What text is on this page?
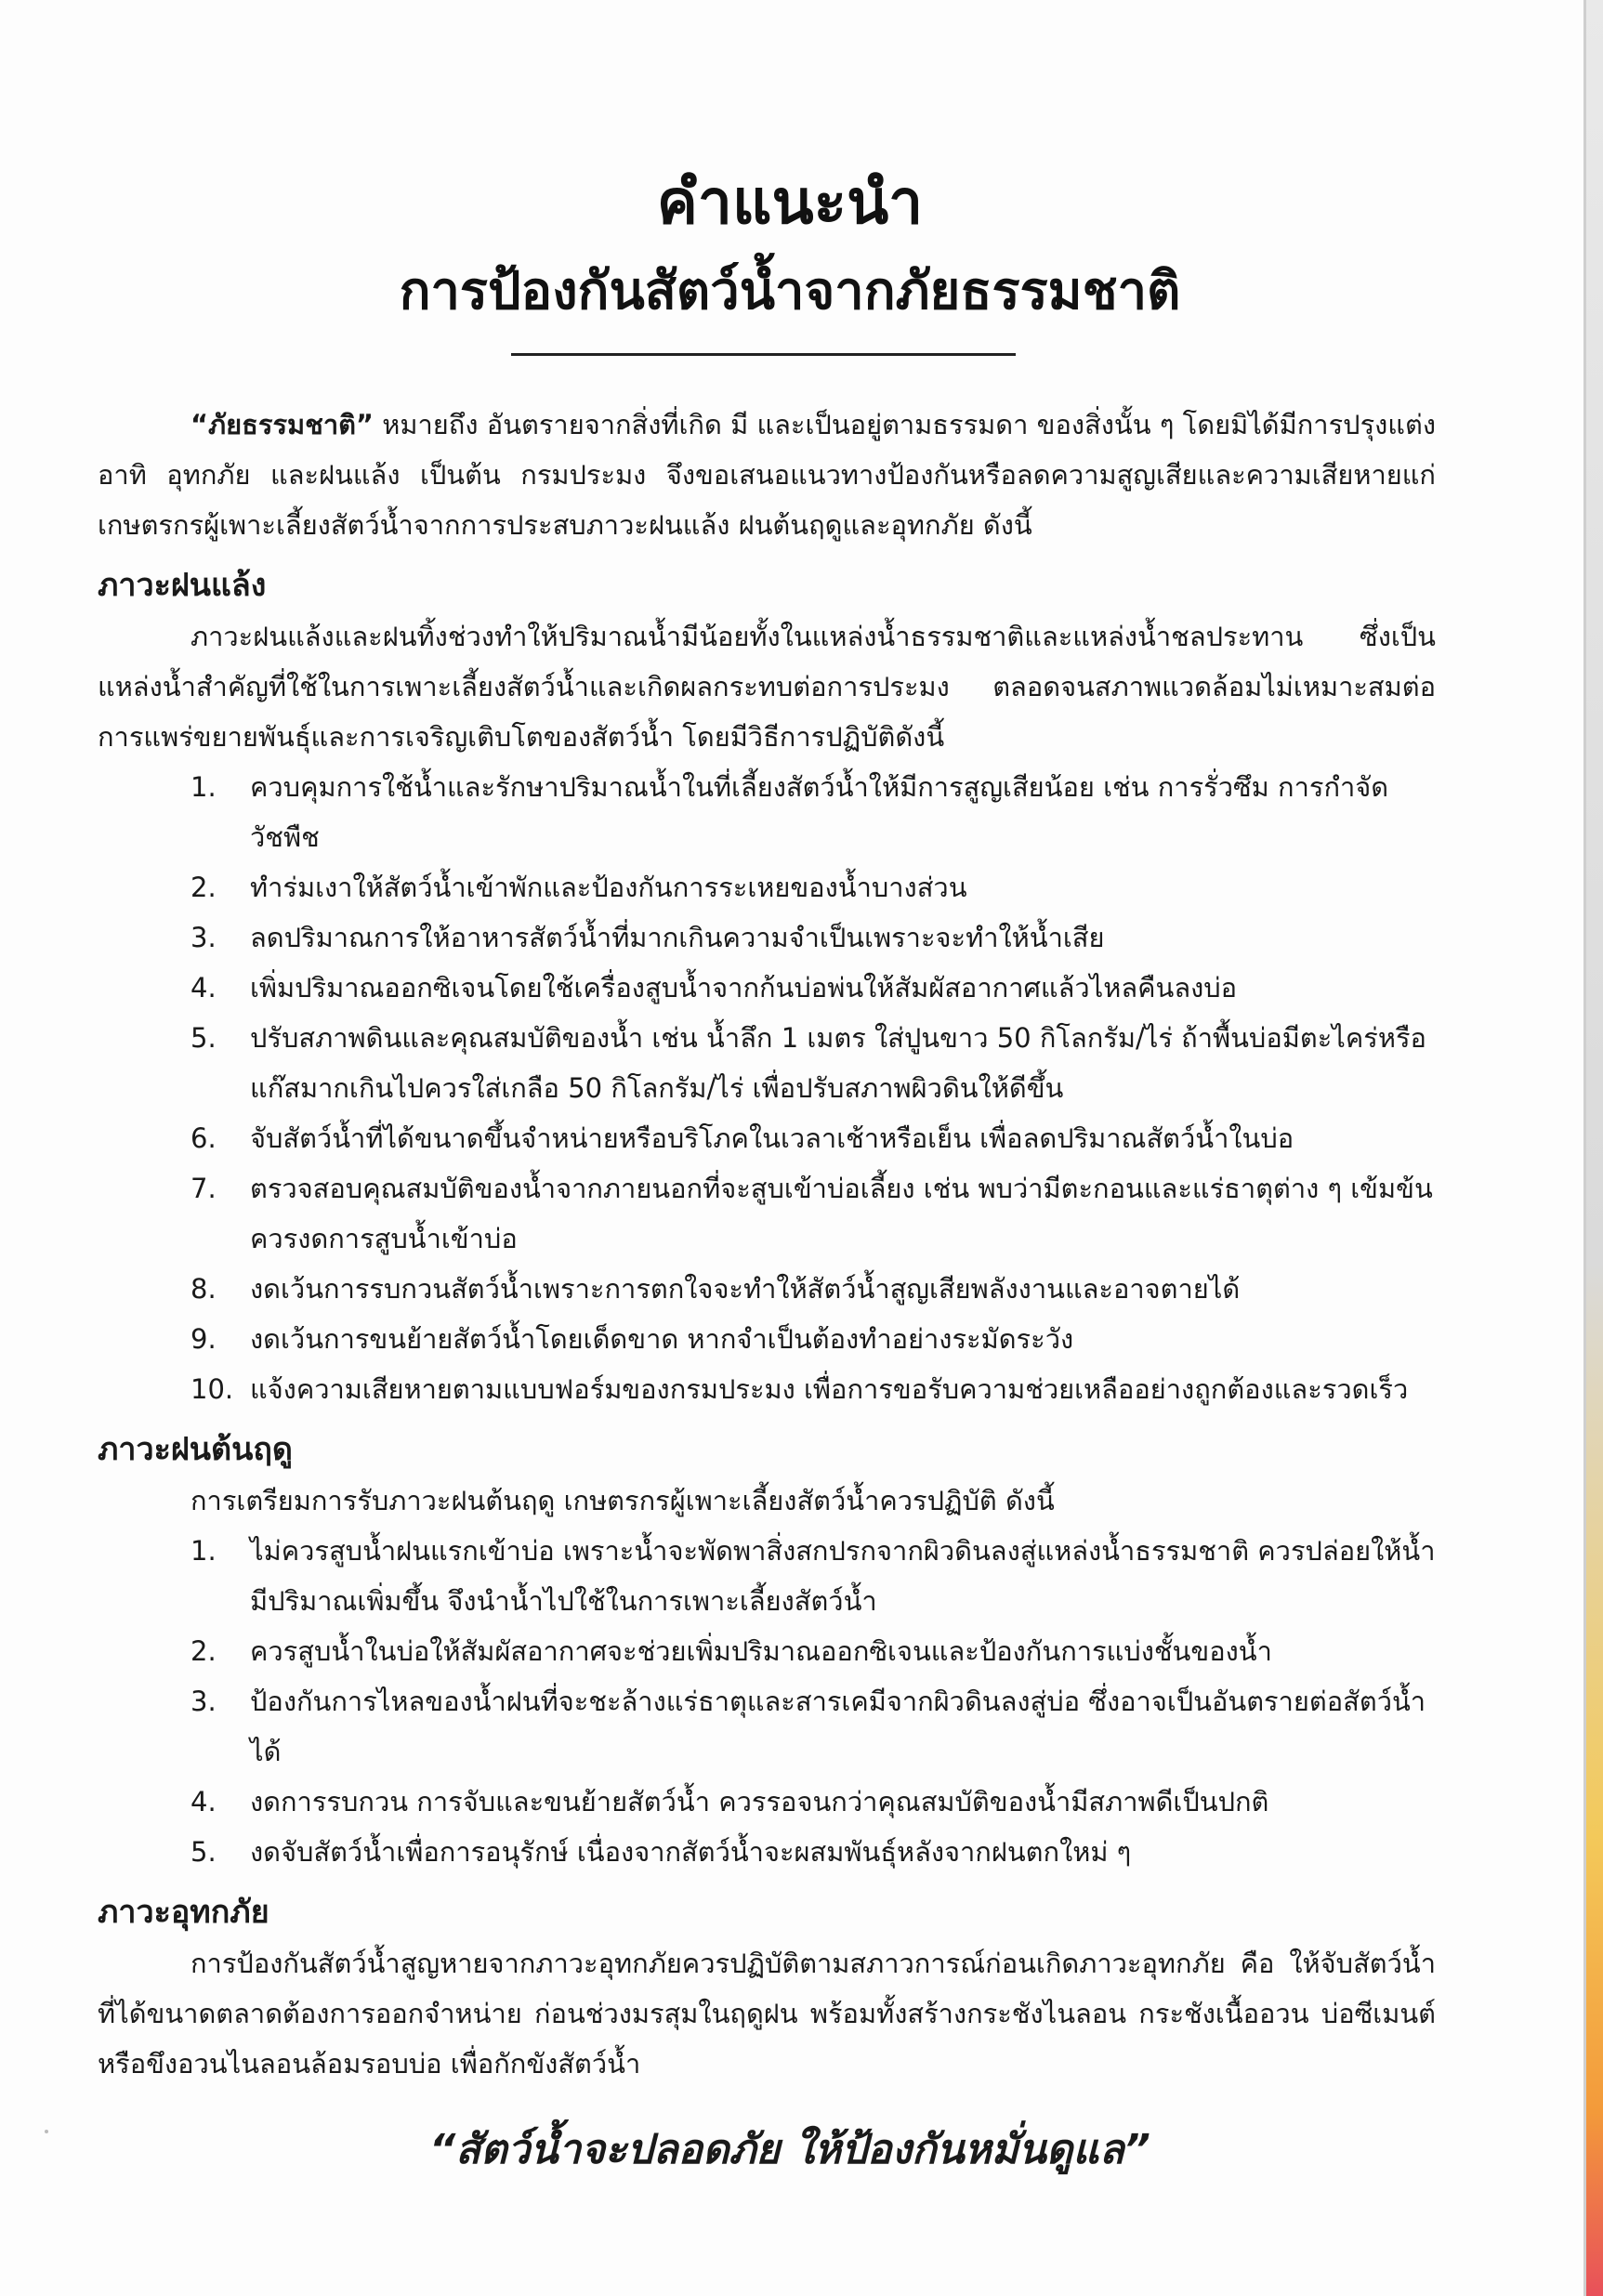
คำแนะนำ
การป้องกันสัตว์น้ำจากภัยธรรมชาติ

“ภัยธรรมชาติ” หมายถึง อันตรายจากสิ่งที่เกิด มี และเป็นอยู่ตามธรรมดา ของสิ่งนั้น ๆ โดยมิได้มีการปรุงแต่ง อาทิ อุทกภัย และฝนแล้ง เป็นต้น กรมประมง จึงขอเสนอแนวทางป้องกันหรือลดความสูญเสียและความเสียหายแก่เกษตรกรผู้เพาะเลี้ยงสัตว์น้ำจากการประสบภาวะฝนแล้ง ฝนต้นฤดูและอุทกภัย ดังนี้

ภาวะฝนแล้ง

ภาวะฝนแล้งและฝนทิ้งช่วงทำให้ปริมาณน้ำมีน้อยทั้งในแหล่งน้ำธรรมชาติและแหล่งน้ำชลประทาน ซึ่งเป็นแหล่งน้ำสำคัญที่ใช้ในการเพาะเลี้ยงสัตว์น้ำและเกิดผลกระทบต่อการประมง ตลอดจนสภาพแวดล้อมไม่เหมาะสมต่อการแพร่ขยายพันธุ์และการเจริญเติบโตของสัตว์น้ำ โดยมีวิธีการปฏิบัติดังนี้

1.	ควบคุมการใช้น้ำและรักษาปริมาณน้ำในที่เลี้ยงสัตว์น้ำให้มีการสูญเสียน้อย เช่น การรั่วซึม การกำจัดวัชพืช
2.	ทำร่มเงาให้สัตว์น้ำเข้าพักและป้องกันการระเหยของน้ำบางส่วน
3.	ลดปริมาณการให้อาหารสัตว์น้ำที่มากเกินความจำเป็นเพราะจะทำให้น้ำเสีย
4.	เพิ่มปริมาณออกซิเจนโดยใช้เครื่องสูบน้ำจากก้นบ่อพ่นให้สัมผัสอากาศแล้วไหลคืนลงบ่อ
5.	ปรับสภาพดินและคุณสมบัติของน้ำ เช่น น้ำลึก 1 เมตร ใส่ปูนขาว 50 กิโลกรัม/ไร่ ถ้าพื้นบ่อมีตะไคร่หรือแก๊สมากเกินไปควรใส่เกลือ 50 กิโลกรัม/ไร่ เพื่อปรับสภาพผิวดินให้ดีขึ้น
6.	จับสัตว์น้ำที่ได้ขนาดขึ้นจำหน่ายหรือบริโภคในเวลาเช้าหรือเย็น เพื่อลดปริมาณสัตว์น้ำในบ่อ
7.	ตรวจสอบคุณสมบัติของน้ำจากภายนอกที่จะสูบเข้าบ่อเลี้ยง เช่น พบว่ามีตะกอนและแร่ธาตุต่าง ๆ เข้มข้น ควรงดการสูบน้ำเข้าบ่อ
8.	งดเว้นการรบกวนสัตว์น้ำเพราะการตกใจจะทำให้สัตว์น้ำสูญเสียพลังงานและอาจตายได้
9.	งดเว้นการขนย้ายสัตว์น้ำโดยเด็ดขาด หากจำเป็นต้องทำอย่างระมัดระวัง
10. แจ้งความเสียหายตามแบบฟอร์มของกรมประมง เพื่อการขอรับความช่วยเหลืออย่างถูกต้องและรวดเร็ว
ภาวะฝนต้นฤดู

การเตรียมการรับภาวะฝนต้นฤดู เกษตรกรผู้เพาะเลี้ยงสัตว์น้ำควรปฏิบัติ ดังนี้

1.	ไม่ควรสูบน้ำฝนแรกเข้าบ่อ เพราะน้ำจะพัดพาสิ่งสกปรกจากผิวดินลงสู่แหล่งน้ำธรรมชาติ ควรปล่อยให้น้ำมีปริมาณเพิ่มขึ้น จึงนำน้ำไปใช้ในการเพาะเลี้ยงสัตว์น้ำ
2.	ควรสูบน้ำในบ่อให้สัมผัสอากาศจะช่วยเพิ่มปริมาณออกซิเจนและป้องกันการแบ่งชั้นของน้ำ
3.	ป้องกันการไหลของน้ำฝนที่จะชะล้างแร่ธาตุและสารเคมีจากผิวดินลงสู่บ่อ ซึ่งอาจเป็นอันตรายต่อสัตว์น้ำได้
4.	งดการรบกวน การจับและขนย้ายสัตว์น้ำ ควรรอจนกว่าคุณสมบัติของน้ำมีสภาพดีเป็นปกติ
5.	งดจับสัตว์น้ำเพื่อการอนุรักษ์ เนื่องจากสัตว์น้ำจะผสมพันธุ์หลังจากฝนตกใหม่ ๆ
ภาวะอุทกภัย

การป้องกันสัตว์น้ำสูญหายจากภาวะอุทกภัยควรปฏิบัติตามสภาวการณ์ก่อนเกิดภาวะอุทกภัย คือ ให้จับสัตว์น้ำที่ได้ขนาดตลาดต้องการออกจำหน่าย ก่อนช่วงมรสุมในฤดูฝน พร้อมทั้งสร้างกระชังไนลอน กระชังเนื้ออวน บ่อซีเมนต์ หรือขึงอวนไนลอนล้อมรอบบ่อ เพื่อกักขังสัตว์น้ำ

“สัตว์น้ำจะปลอดภัย ให้ป้องกันหมั่นดูแล”
